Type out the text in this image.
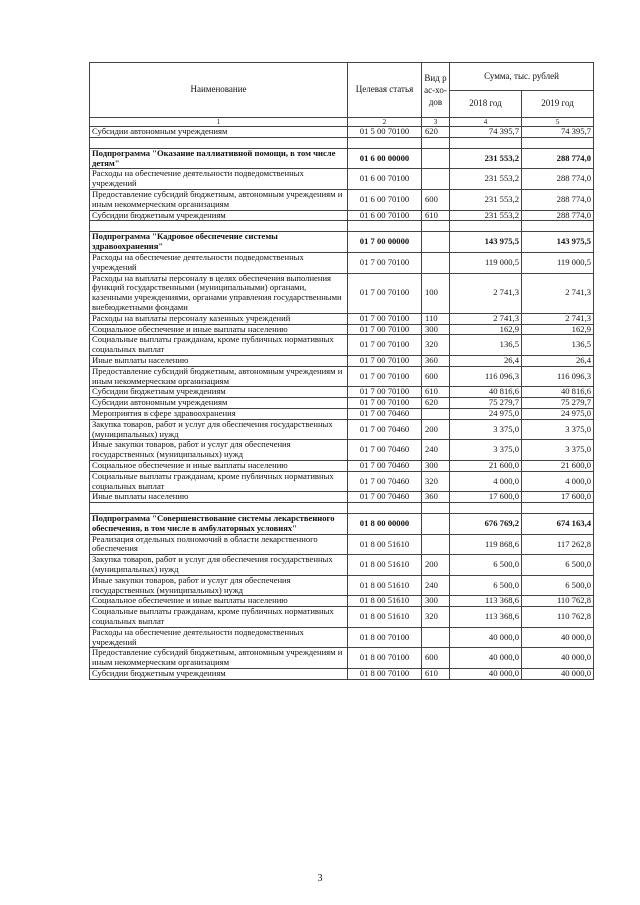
Наименование	Целевая статья	Вид рас-хо-дов	Сумма, тыс. рублей	
			2018 год	2019 год
1	2	3	4	5
Субсидии автономным учреждениям	01 5 00 70100	620	74 395,7	74 395,7

Подпрограмма "Оказание паллиативной помощи, в том числе детям"	01 6 00 00000		231 553,2	288 774,0
Расходы на обеспечение деятельности подведомственных учреждений	01 6 00 70100		231 553,2	288 774,0
Предоставление субсидий бюджетным, автономным учреждениям и иным некоммерческим организациям	01 6 00 70100	600	231 553,2	288 774,0
Субсидии бюджетным учреждениям	01 6 00 70100	610	231 553,2	288 774,0

Подпрограмма "Кадровое обеспечение системы здравоохранения"	01 7 00 00000		143 975,5	143 975,5
Расходы на обеспечение деятельности подведомственных учреждений	01 7 00 70100		119 000,5	119 000,5
Расходы на выплаты персоналу в целях обеспечения выполнения функций государственными (муниципальными) органами, казенными учреждениями, органами управления государственными внебюджетными фондами	01 7 00 70100	100	2 741,3	2 741,3
Расходы на выплаты персоналу казенных учреждений	01 7 00 70100	110	2 741,3	2 741,3
Социальное обеспечение и иные выплаты населению	01 7 00 70100	300	162,9	162,9
Социальные выплаты гражданам, кроме публичных нормативных социальных выплат	01 7 00 70100	320	136,5	136,5
Иные выплаты населению	01 7 00 70100	360	26,4	26,4
Предоставление субсидий бюджетным, автономным учреждениям и иным некоммерческим организациям	01 7 00 70100	600	116 096,3	116 096,3
Субсидии бюджетным учреждениям	01 7 00 70100	610	40 816,6	40 816,6
Субсидии автономным учреждениям	01 7 00 70100	620	75 279,7	75 279,7
Мероприятия в сфере здравоохранения	01 7 00 70460		24 975,0	24 975,0
Закупка товаров, работ и услуг для обеспечения государственных (муниципальных) нужд	01 7 00 70460	200	3 375,0	3 375,0
Иные закупки товаров, работ и услуг для обеспечения государственных (муниципальных) нужд	01 7 00 70460	240	3 375,0	3 375,0
Социальное обеспечение и иные выплаты населению	01 7 00 70460	300	21 600,0	21 600,0
Социальные выплаты гражданам, кроме публичных нормативных социальных выплат	01 7 00 70460	320	4 000,0	4 000,0
Иные выплаты населению	01 7 00 70460	360	17 600,0	17 600,0

Подпрограмма "Совершенствование системы лекарственного обеспечения, в том числе в амбулаторных условиях"	01 8 00 00000		676 769,2	674 163,4
Реализация отдельных полномочий в области лекарственного обеспечения	01 8 00 51610		119 868,6	117 262,8
Закупка товаров, работ и услуг для обеспечения государственных (муниципальных) нужд	01 8 00 51610	200	6 500,0	6 500,0
Иные закупки товаров, работ и услуг для обеспечения государственных (муниципальных) нужд	01 8 00 51610	240	6 500,0	6 500,0
Социальное обеспечение и иные выплаты населению	01 8 00 51610	300	113 368,6	110 762,8
Социальные выплаты гражданам, кроме публичных нормативных социальных выплат	01 8 00 51610	320	113 368,6	110 762,8
Расходы на обеспечение деятельности подведомственных учреждений	01 8 00 70100		40 000,0	40 000,0
Предоставление субсидий бюджетным, автономным учреждениям и иным некоммерческим организациям	01 8 00 70100	600	40 000,0	40 000,0
Субсидии бюджетным учреждениям	01 8 00 70100	610	40 000,0	40 000,0
3
